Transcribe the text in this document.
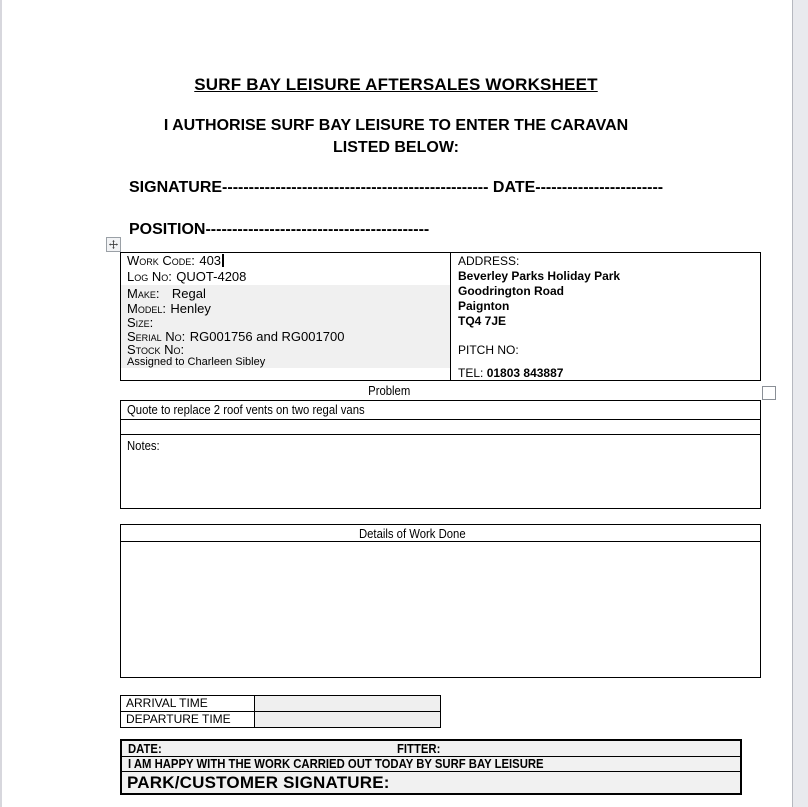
SURF BAY LEISURE AFTERSALES WORKSHEET
I AUTHORISE SURF BAY LEISURE TO ENTER THE CARAVAN
LISTED BELOW:
SIGNATURE-------------------------------------------------- DATE------------------------
POSITION------------------------------------------
Work Code: 403
Log No: QUOT-4208
Make: Regal
Model: Henley
Size:
Serial No: RG001756 and RG001700
Stock No:
Assigned to Charleen Sibley
ADDRESS:
Beverley Parks Holiday Park
Goodrington Road
Paignton
TQ4 7JE
PITCH NO:
TEL: 01803 843887
Problem
Quote to replace 2 roof vents on two regal vans
Notes:
Details of Work Done
ARRIVAL TIME
DEPARTURE TIME
DATE:	FITTER:
I AM HAPPY WITH THE WORK CARRIED OUT TODAY BY SURF BAY LEISURE
PARK/CUSTOMER SIGNATURE:
